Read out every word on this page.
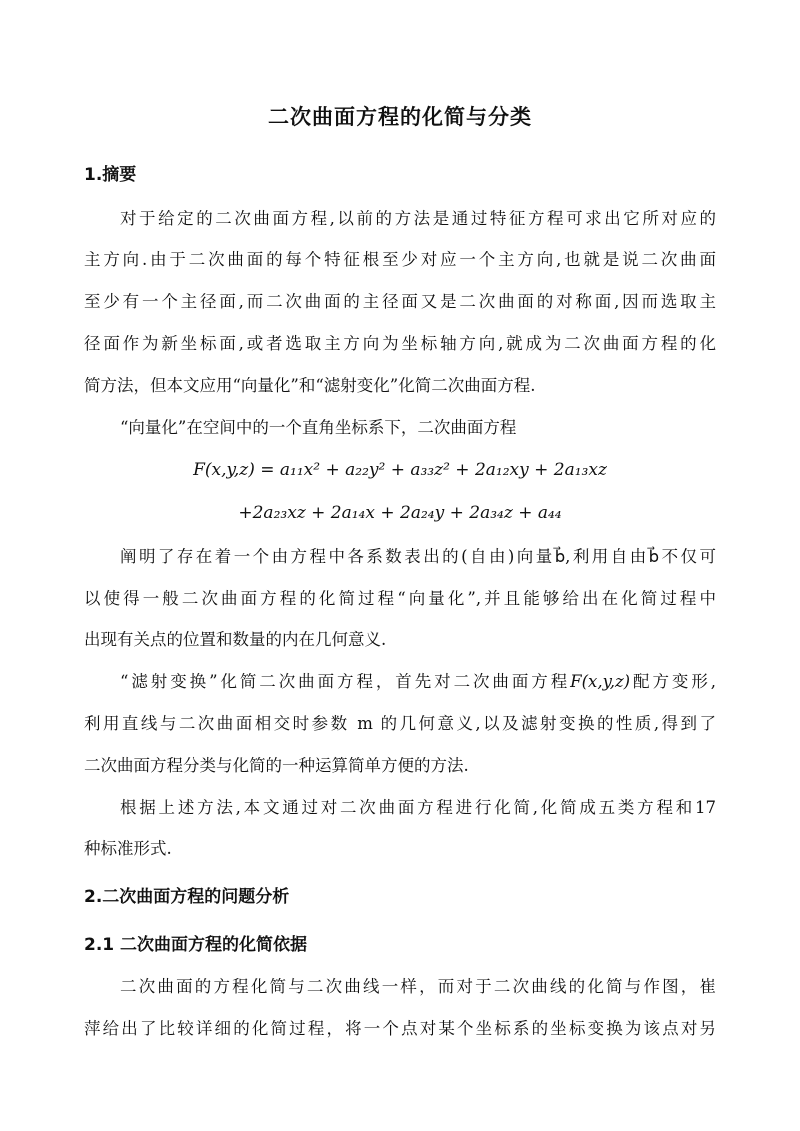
二次曲面方程的化简与分类
1.摘要
对于给定的二次曲面方程,以前的方法是通过特征方程可求出它所对应的
主方向.由于二次曲面的每个特征根至少对应一个主方向,也就是说二次曲面
至少有一个主径面,而二次曲面的主径面又是二次曲面的对称面,因而选取主
径面作为新坐标面,或者选取主方向为坐标轴方向,就成为二次曲面方程的化
简方法，但本文应用“向量化”和“滤射变化”化简二次曲面方程.
“向量化”在空间中的一个直角坐标系下，二次曲面方程
F(x,y,z) = a₁₁x² + a₂₂y² + a₃₃z² + 2a₁₂xy + 2a₁₃xz
+2a₂₃xz + 2a₁₄x + 2a₂₄y + 2a₃₄z + a₄₄
阐明了存在着一个由方程中各系数表出的(自由)向量b⃗,利用自由b⃗不仅可
以使得一般二次曲面方程的化简过程“向量化”,并且能够给出在化简过程中
出现有关点的位置和数量的内在几何意义.
“滤射变换”化简二次曲面方程，首先对二次曲面方程F(x,y,z)配方变形,
利用直线与二次曲面相交时参数 m 的几何意义,以及滤射变换的性质,得到了
二次曲面方程分类与化简的一种运算简单方便的方法.
根据上述方法,本文通过对二次曲面方程进行化简,化简成五类方程和17
种标准形式.
2.二次曲面方程的问题分析
2.1 二次曲面方程的化简依据
二次曲面的方程化简与二次曲线一样，而对于二次曲线的化简与作图，崔
萍给出了比较详细的化简过程，将一个点对某个坐标系的坐标变换为该点对另
